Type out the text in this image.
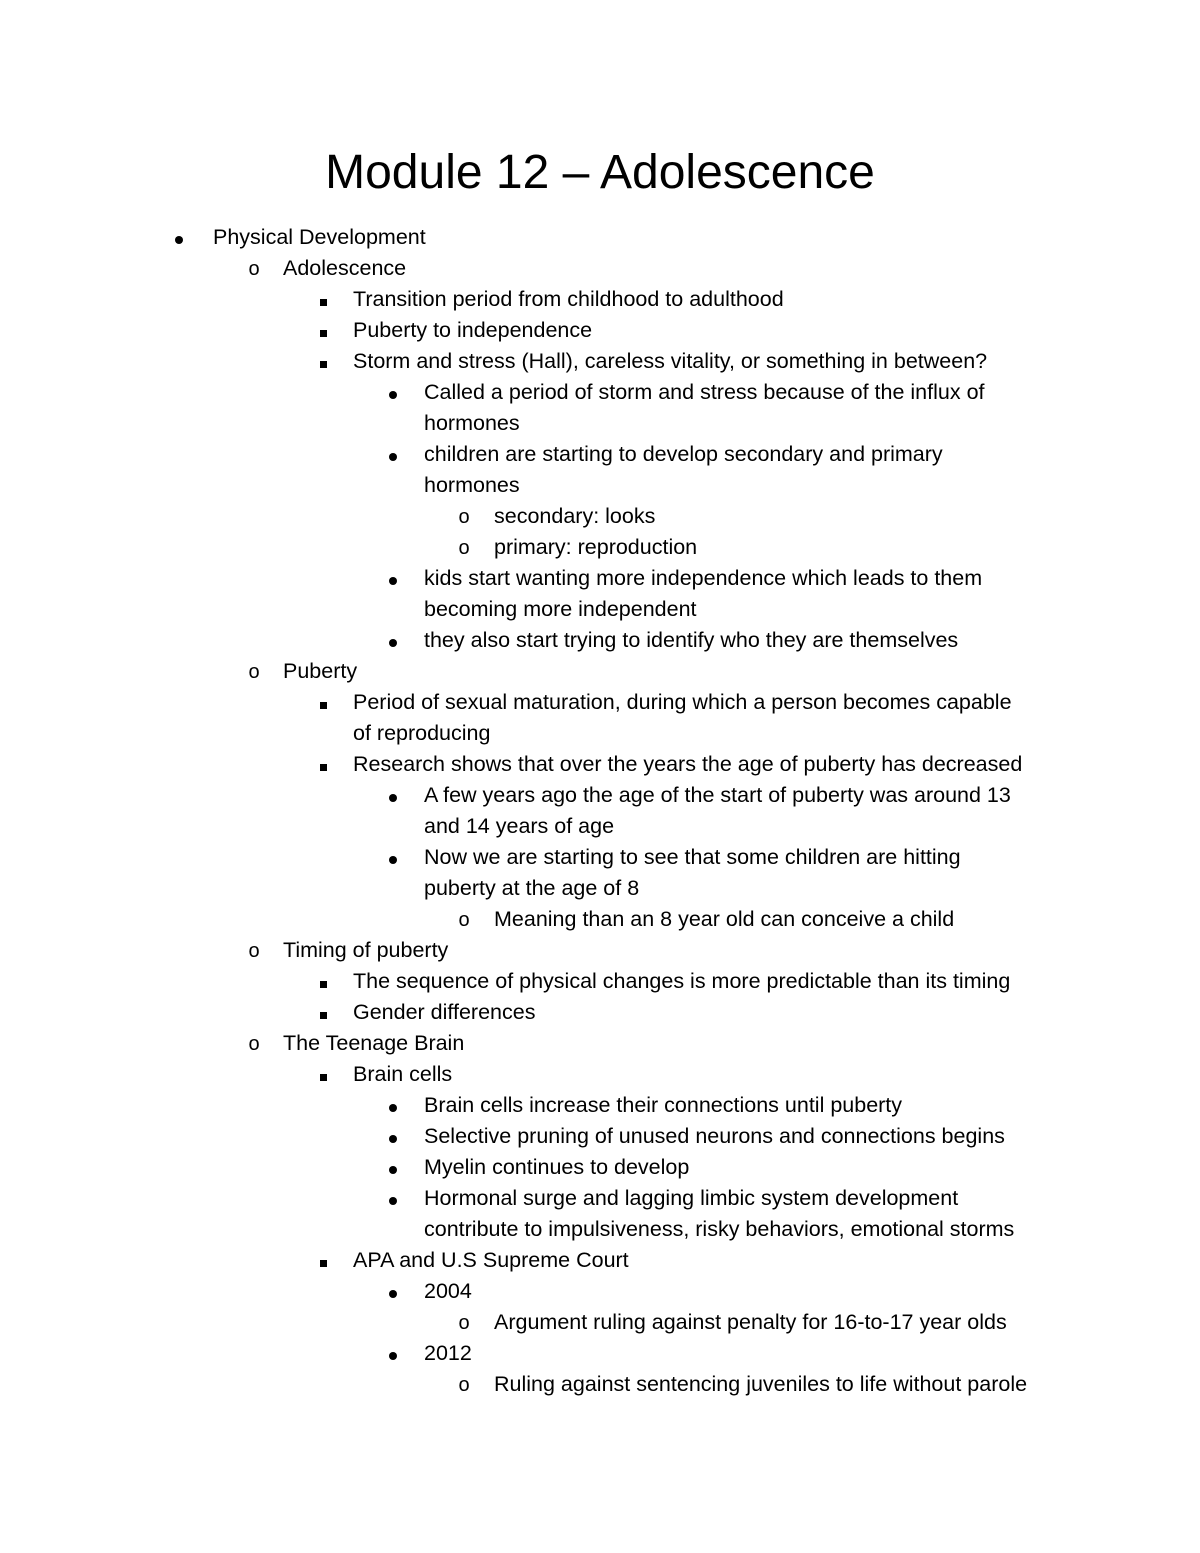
Module 12 – Adolescence
Physical Development
o Adolescence
Transition period from childhood to adulthood
Puberty to independence
Storm and stress (Hall), careless vitality, or something in between?
Called a period of storm and stress because of the influx of
hormones
children are starting to develop secondary and primary
hormones
o secondary: looks
o primary: reproduction
kids start wanting more independence which leads to them
becoming more independent
they also start trying to identify who they are themselves
o Puberty
Period of sexual maturation, during which a person becomes capable
of reproducing
Research shows that over the years the age of puberty has decreased
A few years ago the age of the start of puberty was around 13
and 14 years of age
Now we are starting to see that some children are hitting
puberty at the age of 8
o Meaning than an 8 year old can conceive a child
o Timing of puberty
The sequence of physical changes is more predictable than its timing
Gender differences
o The Teenage Brain
Brain cells
Brain cells increase their connections until puberty
Selective pruning of unused neurons and connections begins
Myelin continues to develop
Hormonal surge and lagging limbic system development
contribute to impulsiveness, risky behaviors, emotional storms
APA and U.S Supreme Court
2004
o Argument ruling against penalty for 16-to-17 year olds
2012
o Ruling against sentencing juveniles to life without parole
